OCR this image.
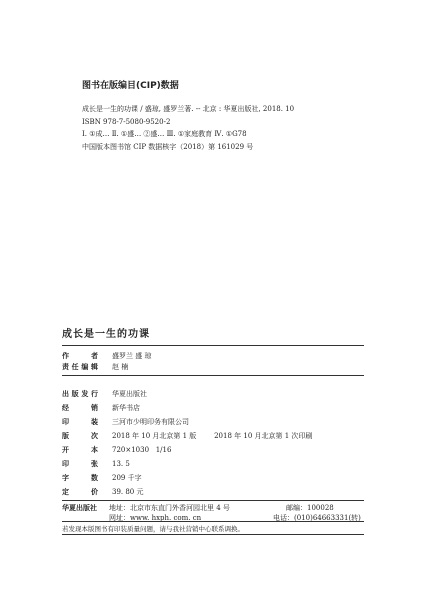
图书在版编目(CIP)数据
成长是一生的功课 / 盛琼, 盛罗兰著. -- 北京 : 华夏出版社, 2018. 10
ISBN 978-7-5080-9520-2
Ⅰ. ①成… Ⅱ. ①盛… ②盛… Ⅲ. ①家庭教育 Ⅳ. ①G78
中国版本图书馆 CIP 数据核字（2018）第 161029 号
成长是一生的功课
作者 盛罗兰 盛 琼
责任编辑 赵 楠
出版发行 华夏出版社
经销 新华书店
印装 三河市少明印务有限公司
版次 2018 年 10 月北京第 1 版        2018 年 10 月北京第 1 次印刷
开本 720×1030   1/16
印张 13. 5
字数 209 千字
定价 39. 80 元
华夏出版社 地址：北京市东直门外香河园北里 4 号	邮编：100028
网址：www. hxph. com. cn	电话：(010)64663331(转)
若发现本版图书有印装质量问题，请与我社营销中心联系调换。
